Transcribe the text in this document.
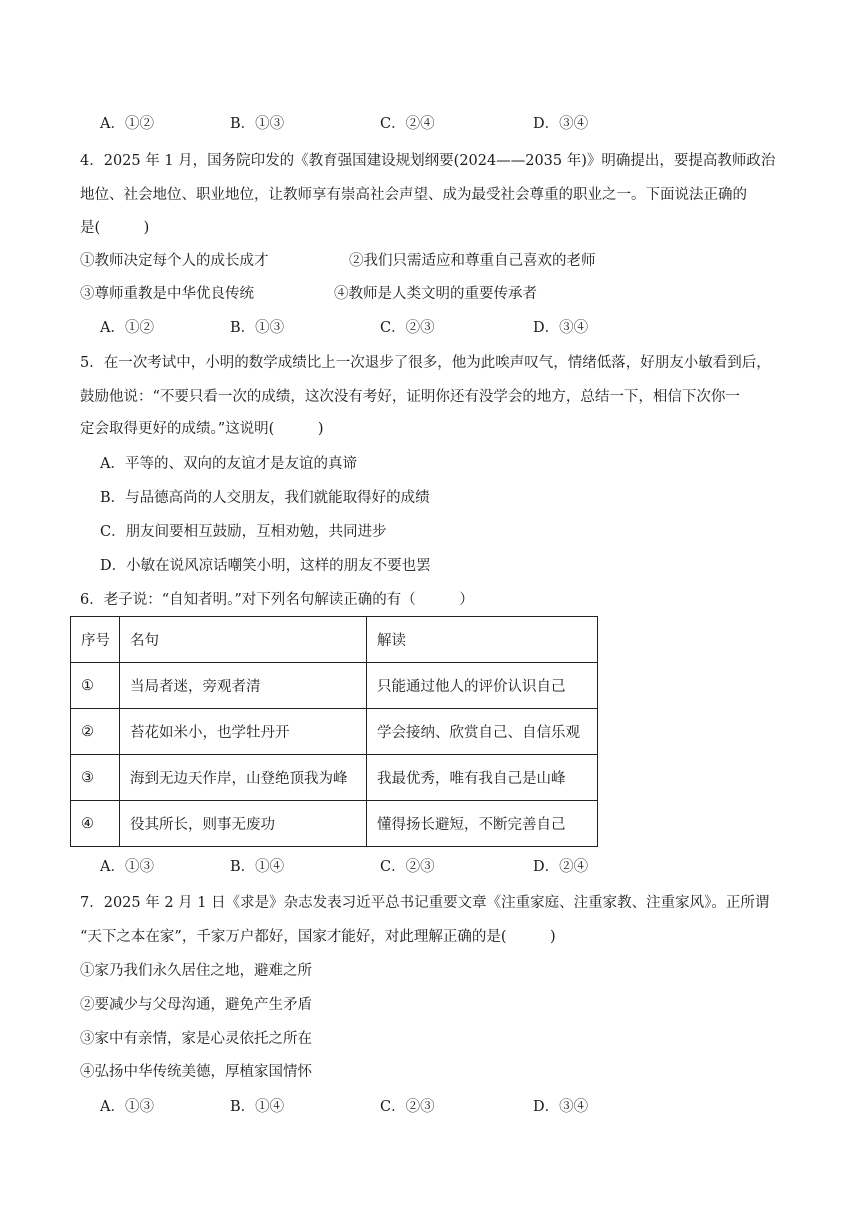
A．①②	B．①③	C．②④	D．③④
4．2025 年 1 月，国务院印发的《教育强国建设规划纲要(2024——2035 年)》明确提出，要提高教师政治
地位、社会地位、职业地位，让教师享有崇高社会声望、成为最受社会尊重的职业之一。下面说法正确的
是(　　　)
①教师决定每个人的成长成才	②我们只需适应和尊重自己喜欢的老师
③尊师重教是中华优良传统	④教师是人类文明的重要传承者
A．①②	B．①③	C．②③	D．③④
5．在一次考试中，小明的数学成绩比上一次退步了很多，他为此唉声叹气，情绪低落，好朋友小敏看到后，
鼓励他说：“不要只看一次的成绩，这次没有考好，证明你还有没学会的地方，总结一下，相信下次你一
定会取得更好的成绩。”这说明(　　　)
A．平等的、双向的友谊才是友谊的真谛
B．与品德高尚的人交朋友，我们就能取得好的成绩
C．朋友间要相互鼓励，互相劝勉，共同进步
D．小敏在说风凉话嘲笑小明，这样的朋友不要也罢
6．老子说：“自知者明。”对下列名句解读正确的有（　　　）
序号	名句	解读
①	当局者迷，旁观者清	只能通过他人的评价认识自己
②	苔花如米小，也学牡丹开	学会接纳、欣赏自己、自信乐观
③	海到无边天作岸，山登绝顶我为峰	我最优秀，唯有我自己是山峰
④	役其所长，则事无废功	懂得扬长避短，不断完善自己
A．①③	B．①④	C．②③	D．②④
7．2025 年 2 月 1 日《求是》杂志发表习近平总书记重要文章《注重家庭、注重家教、注重家风》。正所谓
“天下之本在家”，千家万户都好，国家才能好，对此理解正确的是(　　　)
①家乃我们永久居住之地，避难之所
②要减少与父母沟通，避免产生矛盾
③家中有亲情，家是心灵依托之所在
④弘扬中华传统美德，厚植家国情怀
A．①③	B．①④	C．②③	D．③④
